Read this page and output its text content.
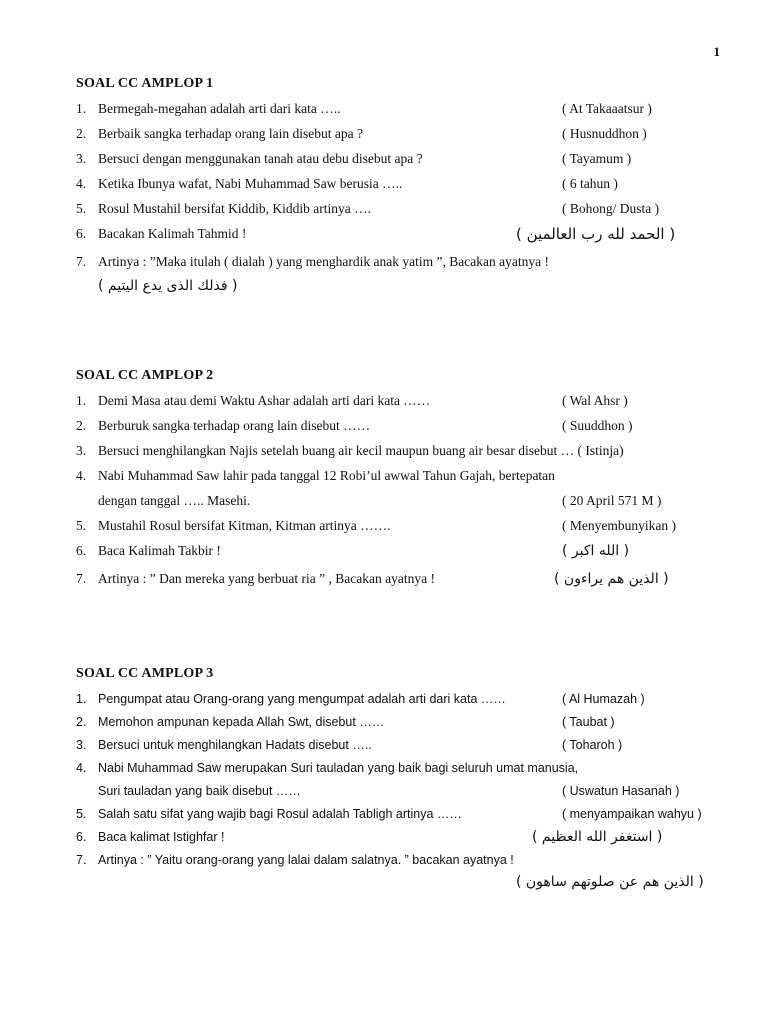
1
SOAL CC AMPLOP 1
1. Bermegah-megahan adalah arti dari kata …..	( At Takaaatsur )
2. Berbaik sangka terhadap orang lain disebut apa ?	( Husnuddhon )
3. Bersuci dengan menggunakan tanah atau debu disebut apa ?	( Tayamum )
4. Ketika Ibunya wafat, Nabi Muhammad Saw berusia …..	( 6 tahun )
5. Rosul Mustahil bersifat Kiddib, Kiddib artinya ….	( Bohong/ Dusta )
6. Bacakan Kalimah Tahmid !	( الحمد لله رب العالمين )
7. Artinya : ”Maka itulah ( dialah ) yang menghardik anak yatim ”, Bacakan ayatnya !
( فذلك الذى يدع اليتيم )
SOAL CC AMPLOP 2
1. Demi Masa atau demi Waktu Ashar adalah arti dari kata ……	( Wal Ahsr )
2. Berburuk sangka terhadap orang lain disebut ……	( Suuddhon )
3. Bersuci menghilangkan Najis setelah buang air kecil maupun buang air besar disebut … ( Istinja)
4. Nabi Muhammad Saw lahir pada tanggal 12 Robi’ul awwal Tahun Gajah, bertepatan
dengan tanggal ….. Masehi.	( 20 April 571 M )
5. Mustahil Rosul bersifat Kitman, Kitman artinya …….	( Menyembunyikan )
6. Baca Kalimah Takbir !	( الله اكبر )
7. Artinya : ” Dan mereka yang berbuat ria ” , Bacakan ayatnya !	( الذين هم يراءون )
SOAL CC AMPLOP 3
1. Pengumpat atau Orang-orang yang mengumpat adalah arti dari kata ……	( Al Humazah )
2. Memohon ampunan kepada Allah Swt, disebut ……	( Taubat )
3. Bersuci untuk menghilangkan Hadats disebut …..	( Toharoh )
4. Nabi Muhammad Saw merupakan Suri tauladan yang baik bagi seluruh umat manusia,
Suri tauladan yang baik disebut ……	( Uswatun Hasanah )
5. Salah satu sifat yang wajib bagi Rosul adalah Tabligh artinya ……	( menyampaikan wahyu )
6. Baca kalimat Istighfar !	( استغفر الله العظيم )
7. Artinya : ” Yaitu orang-orang yang lalai dalam salatnya. ” bacakan ayatnya !
( الذين هم عن صلوتهم ساهون )
